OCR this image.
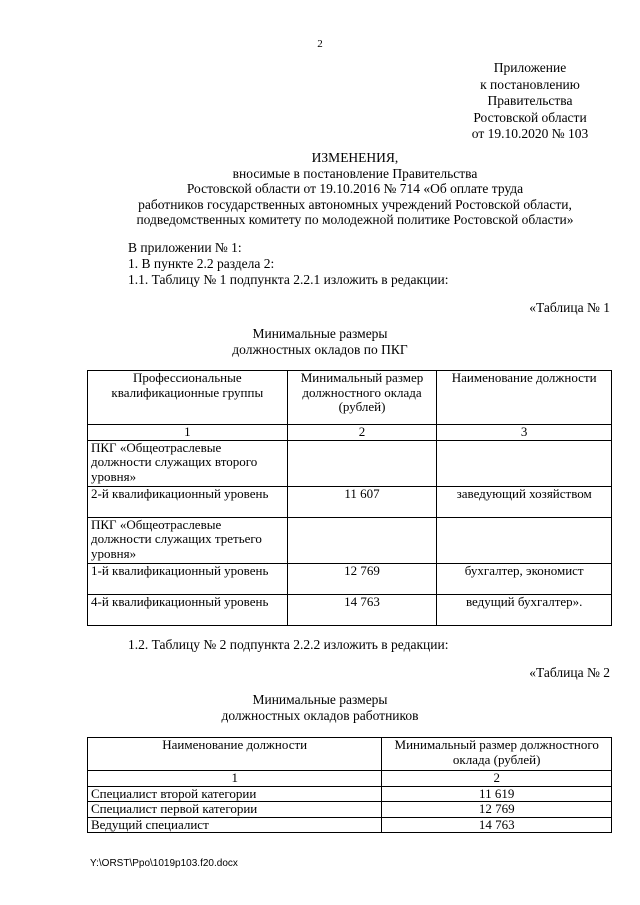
2
Приложение
к постановлению
Правительства
Ростовской области
от 19.10.2020 № 103
ИЗМЕНЕНИЯ,
вносимые в постановление Правительства
Ростовской области от 19.10.2016 № 714 «Об оплате труда
работников государственных автономных учреждений Ростовской области,
подведомственных комитету по молодежной политике Ростовской области»
В приложении № 1:
1. В пункте 2.2 раздела 2:
1.1. Таблицу № 1 подпункта 2.2.1 изложить в редакции:
«Таблица № 1
Минимальные размеры
должностных окладов по ПКГ
Профессиональные квалификационные группы	Минимальный размер должностного оклада (рублей)	Наименование должности
1	2	3
ПКГ «Общеотраслевые должности служащих второго уровня»		
2-й квалификационный уровень	11 607	заведующий хозяйством
ПКГ «Общеотраслевые должности служащих третьего уровня»		
1-й квалификационный уровень	12 769	бухгалтер, экономист
4-й квалификационный уровень	14 763	ведущий бухгалтер».
1.2. Таблицу № 2 подпункта 2.2.2 изложить в редакции:
«Таблица № 2
Минимальные размеры
должностных окладов работников
Наименование должности	Минимальный размер должностного оклада (рублей)
1	2
Специалист второй категории	11 619
Специалист первой категории	12 769
Ведущий специалист	14 763
Y:\ORST\Ppo\1019p103.f20.docx
